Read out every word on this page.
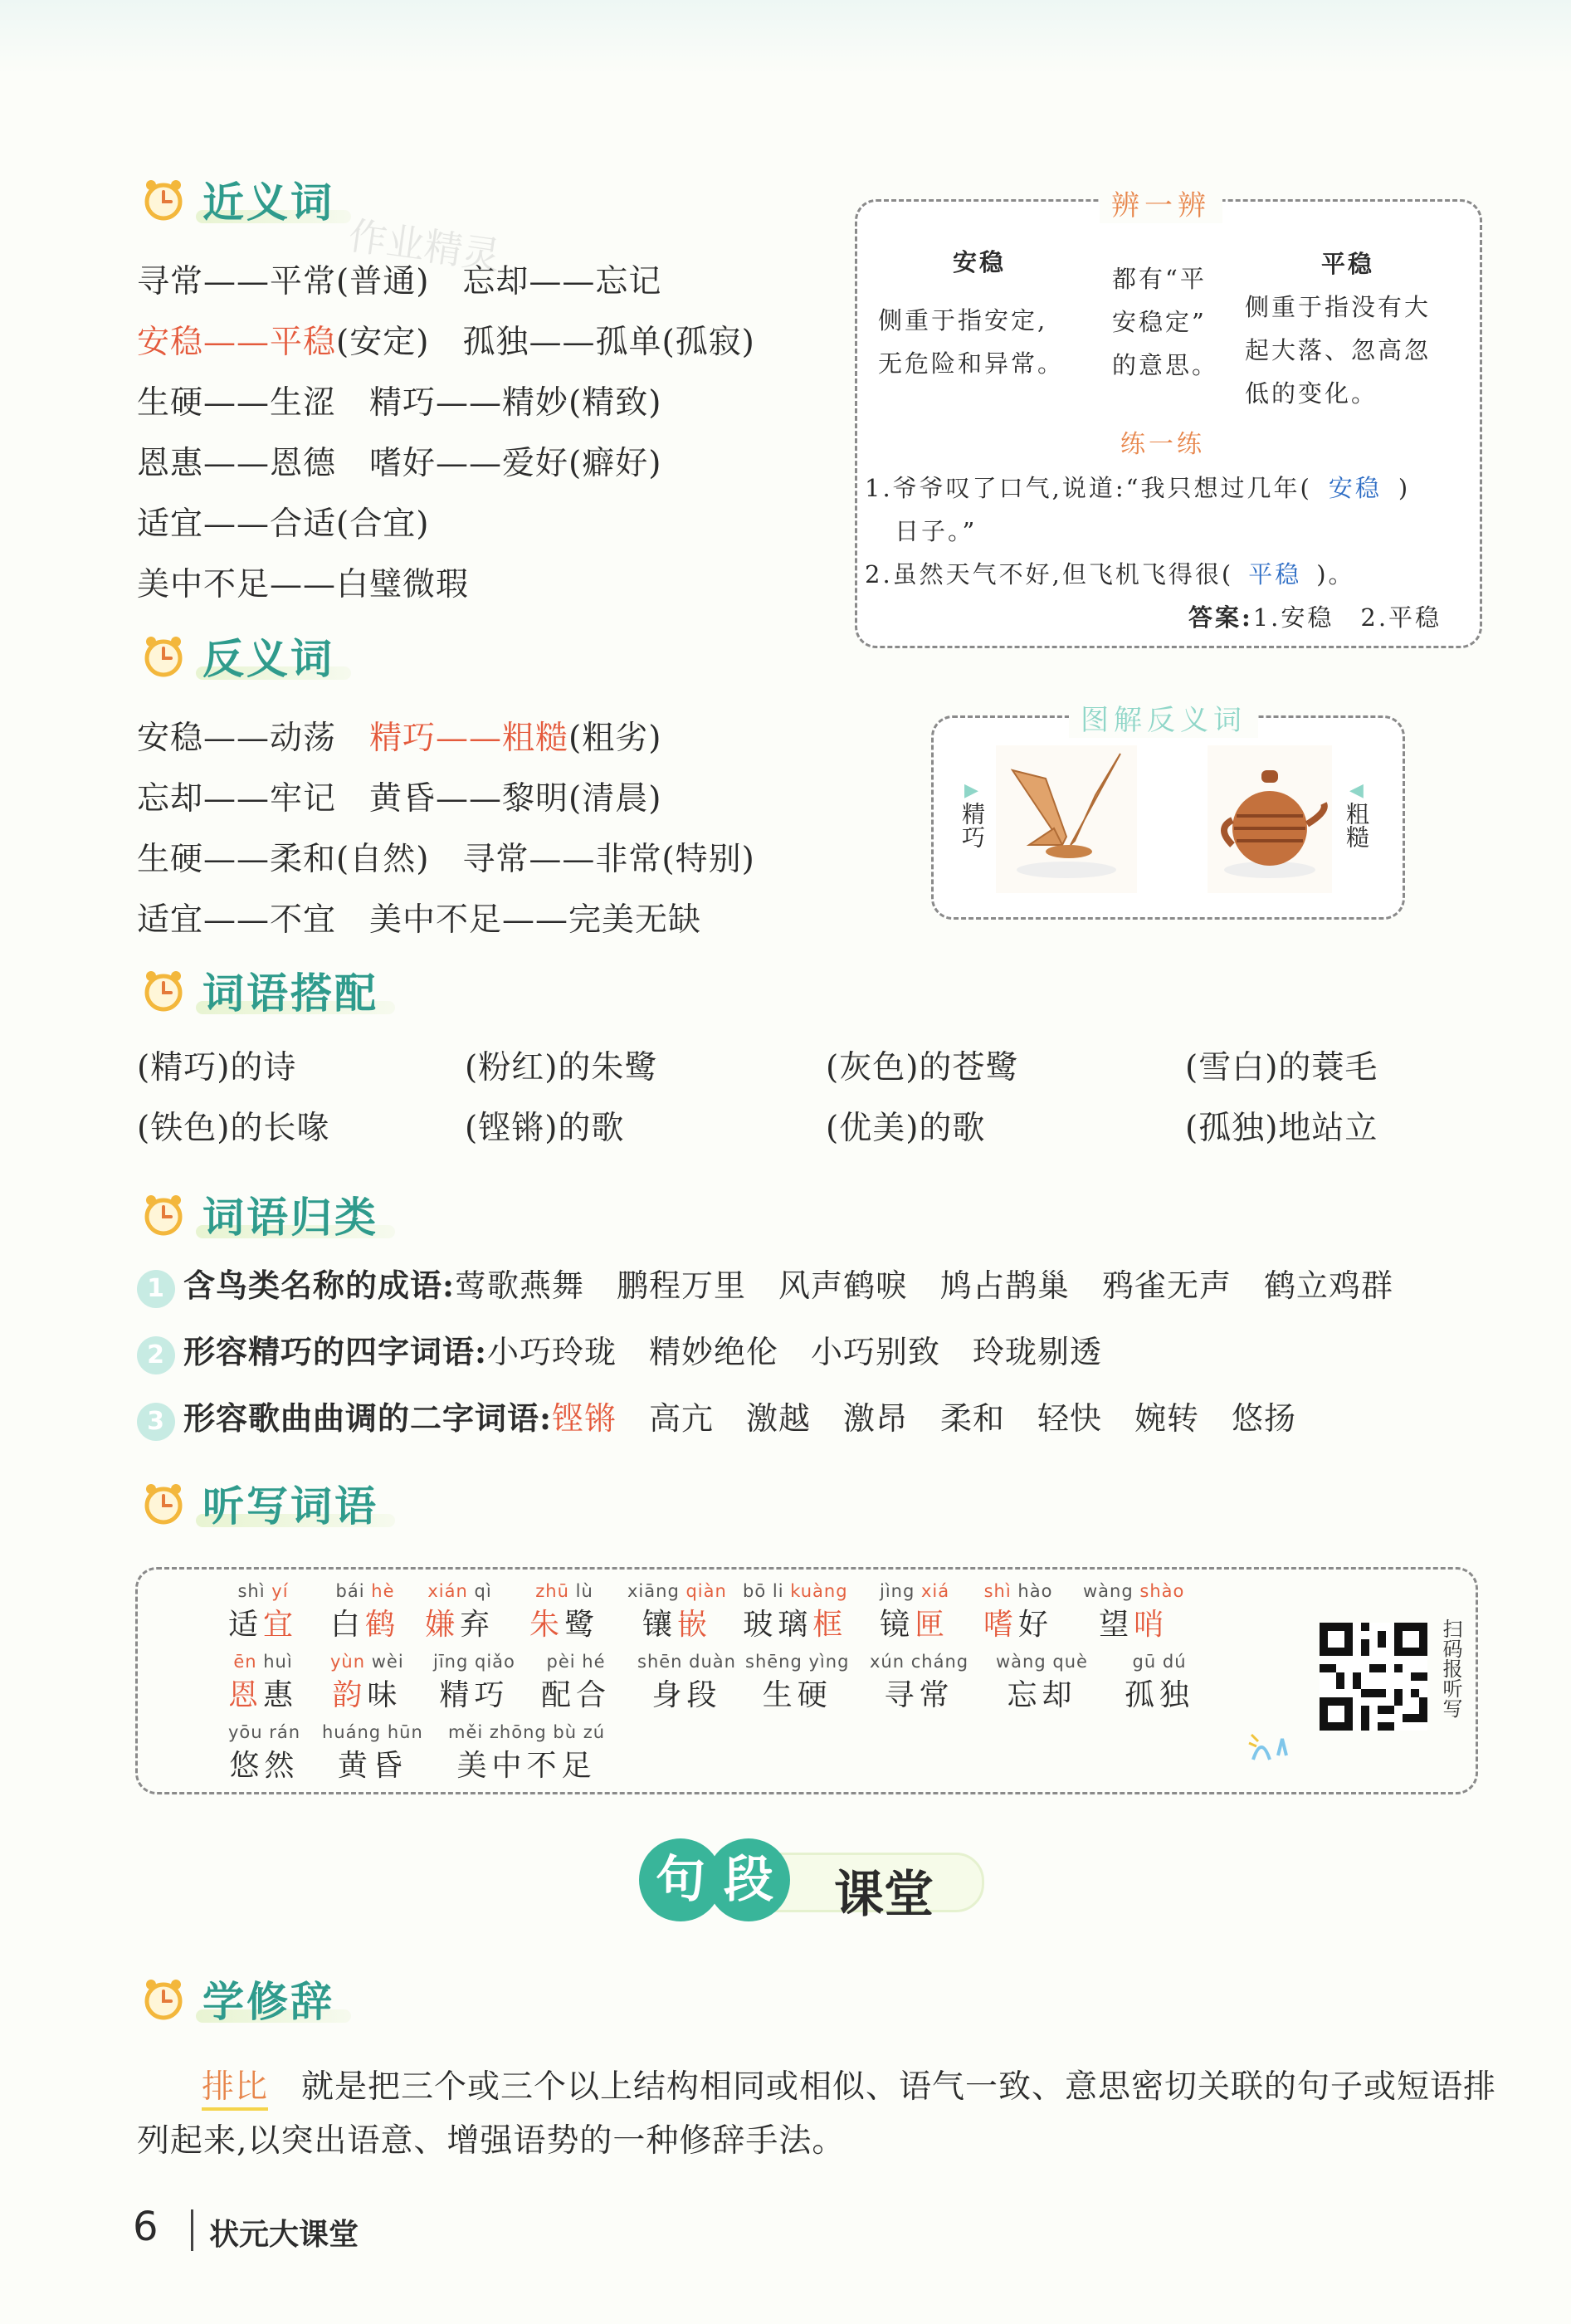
近义词
寻常——平常(普通)　忘却——忘记
安稳——平稳(安定)　 孤独——孤单(孤寂)
生硬——生涩　精巧——精妙(精致)
恩惠——恩德　嗜好——爱好(癖好)
适宜——合适(合宜)
美中不足——白璧微瑕
作业精灵
辨一辨
安稳
侧重于指安定,
无危险和异常。
都有“平
安稳定”
的意思。
平稳
侧重于指没有大
起大落、忽高忽
低的变化。
练一练
1.爷爷叹了口气,说道:“我只想过几年( 安稳 )
日子。”
2.虽然天气不好,但飞机飞得很( 平稳 )。
答案:1.安稳　2.平稳
反义词
安稳——动荡　精巧——粗糙(粗劣)
忘却——牢记　黄昏——黎明(清晨)
生硬——柔和(自然)　寻常——非常(特别)
适宜——不宜　美中不足——完美无缺
图解反义词
▶
精巧
◀
粗糙
词语搭配
(精巧)的诗	(粉红)的朱鹭	(灰色)的苍鹭	(雪白)的蓑毛
(铁色)的长喙	(铿锵)的歌	(优美)的歌	(孤独)地站立
词语归类
1 含鸟类名称的成语:莺歌燕舞　鹏程万里　风声鹤唳　鸠占鹊巢　鸦雀无声　鹤立鸡群
2 形容精巧的四字词语:小巧玲珑　精妙绝伦　小巧别致　玲珑剔透
3 形容歌曲曲调的二字词语:铿锵　高亢　激越　激昂　柔和　轻快　婉转　悠扬
听写词语
shì yí
适宜
bái hè
白鹤
xián qì
嫌弃
zhū lù
朱鹭
xiāng qiàn
镶嵌
bō li kuàng
玻璃框
jìng xiá
镜匣
shì hào
嗜好
wàng shào
望哨
ēn huì
恩惠
yùn wèi
韵味
jīng qiǎo
精巧
pèi hé
配合
shēn duàn
身段
shēng yìng
生硬
xún cháng
寻常
wàng què
忘却
gū dú
孤独
yōu rán
悠然
huáng hūn
黄昏
měi zhōng bù zú
美中不足
扫码报听写
句 段	课堂
学修辞
排比　 就是把三个或三个以上结构相同或相似、语气一致、意思密切关联的句子或短语排
列起来,以突出语意、增强语势的一种修辞手法。
6 状元大课堂
